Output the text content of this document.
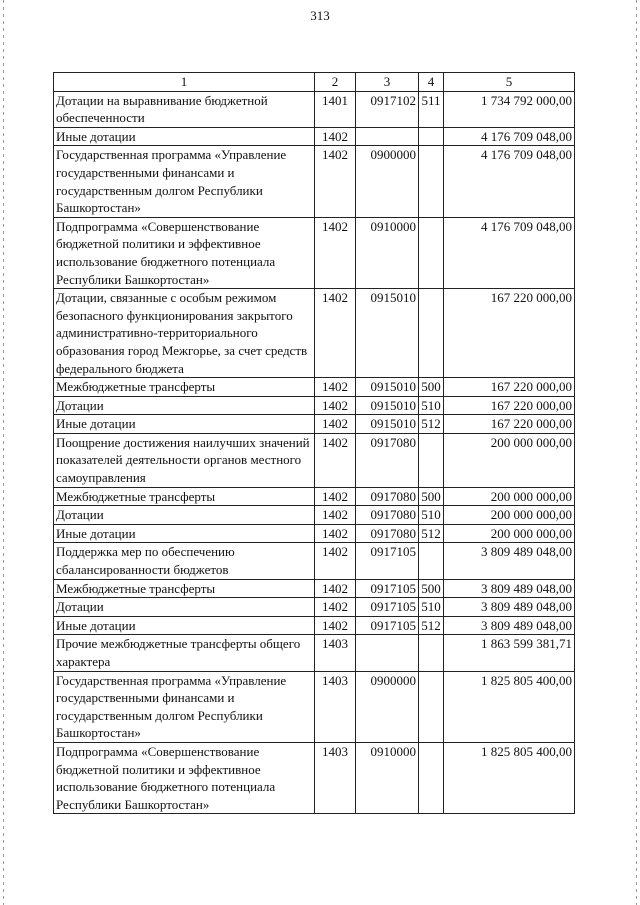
313
1	2	3	4	5
Дотации на выравнивание бюджетной обеспеченности	1401	0917102	511	1 734 792 000,00
Иные дотации	1402			4 176 709 048,00
Государственная программа «Управление государственными финансами и государственным долгом Республики Башкортостан»	1402	0900000		4 176 709 048,00
Подпрограмма «Совершенствование бюджетной политики и эффективное использование бюджетного потенциала Республики Башкортостан»	1402	0910000		4 176 709 048,00
Дотации, связанные с особым режимом безопасного функционирования закрытого административно-территориального образования город Межгорье, за счет средств федерального бюджета	1402	0915010		167 220 000,00
Межбюджетные трансферты	1402	0915010	500	167 220 000,00
Дотации	1402	0915010	510	167 220 000,00
Иные дотации	1402	0915010	512	167 220 000,00
Поощрение достижения наилучших значений показателей деятельности органов местного самоуправления	1402	0917080		200 000 000,00
Межбюджетные трансферты	1402	0917080	500	200 000 000,00
Дотации	1402	0917080	510	200 000 000,00
Иные дотации	1402	0917080	512	200 000 000,00
Поддержка мер по обеспечению сбалансированности бюджетов	1402	0917105		3 809 489 048,00
Межбюджетные трансферты	1402	0917105	500	3 809 489 048,00
Дотации	1402	0917105	510	3 809 489 048,00
Иные дотации	1402	0917105	512	3 809 489 048,00
Прочие межбюджетные трансферты общего характера	1403			1 863 599 381,71
Государственная программа «Управление государственными финансами и государственным долгом Республики Башкортостан»	1403	0900000		1 825 805 400,00
Подпрограмма «Совершенствование бюджетной политики и эффективное использование бюджетного потенциала Республики Башкортостан»	1403	0910000		1 825 805 400,00
